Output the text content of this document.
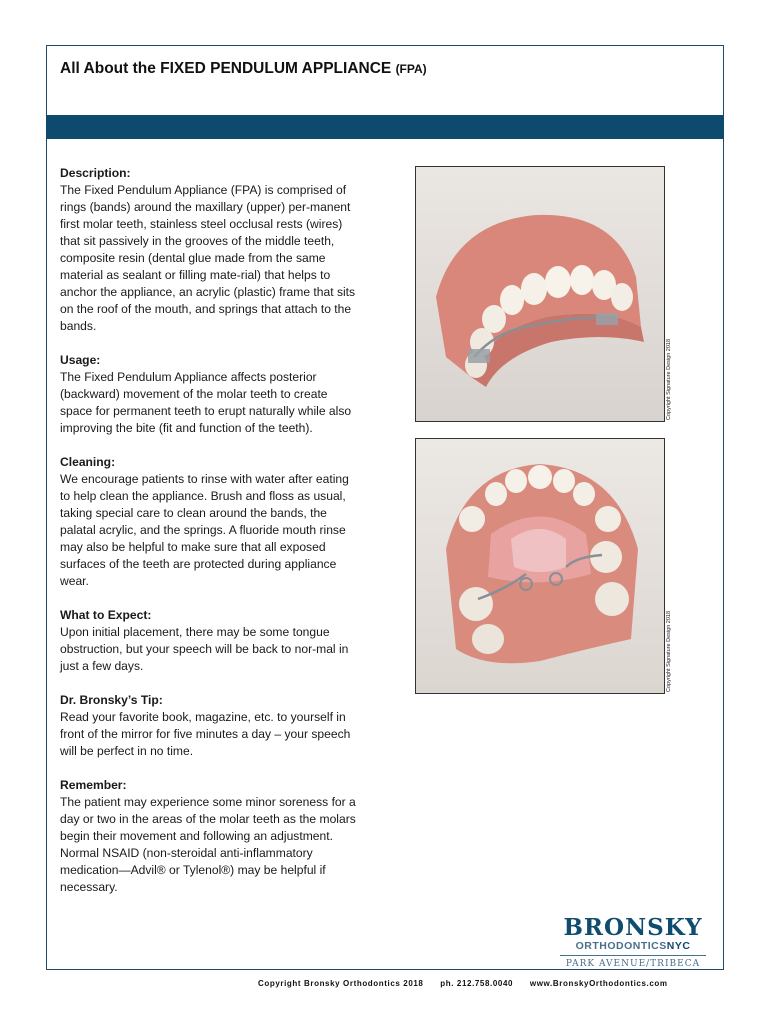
All About the FIXED PENDULUM APPLIANCE (FPA)
Description:

The Fixed Pendulum Appliance (FPA) is comprised of rings (bands) around the maxillary (upper) per-manent first molar teeth, stainless steel occlusal rests (wires) that sit passively in the grooves of the middle teeth, composite resin (dental glue made from the same material as sealant or filling mate-rial) that helps to anchor the appliance, an acrylic (plastic) frame that sits on the roof of the mouth, and springs that attach to the bands.

Usage:

The Fixed Pendulum Appliance affects posterior (backward) movement of the molar teeth to create space for permanent teeth to erupt naturally while also improving the bite (fit and function of the teeth).

Cleaning:

We encourage patients to rinse with water after eating to help clean the appliance. Brush and floss as usual, taking special care to clean around the bands, the palatal acrylic, and the springs. A fluoride mouth rinse may also be helpful to make sure that all exposed surfaces of the teeth are protected during appliance wear.

What to Expect:

Upon initial placement, there may be some tongue obstruction, but your speech will be back to nor-mal in just a few days.

Dr. Bronsky’s Tip:

Read your favorite book, magazine, etc. to yourself in front of the mirror for five minutes a day – your speech will be perfect in no time.

Remember:

The patient may experience some minor soreness for a day or two in the areas of the molar teeth as the molars begin their movement and following an adjustment. Normal NSAID (non-steroidal anti-inflammatory medication—Advil® or Tylenol®) may be helpful if necessary.

Copyright Signature Design 2018
Copyright Signature Design 2018
BRONSKY
ORTHODONTICSNYC
PARK AVENUE/TRIBECA
Copyright Bronsky Orthodontics 2018 ph. 212.758.0040 www.BronskyOrthodontics.com
